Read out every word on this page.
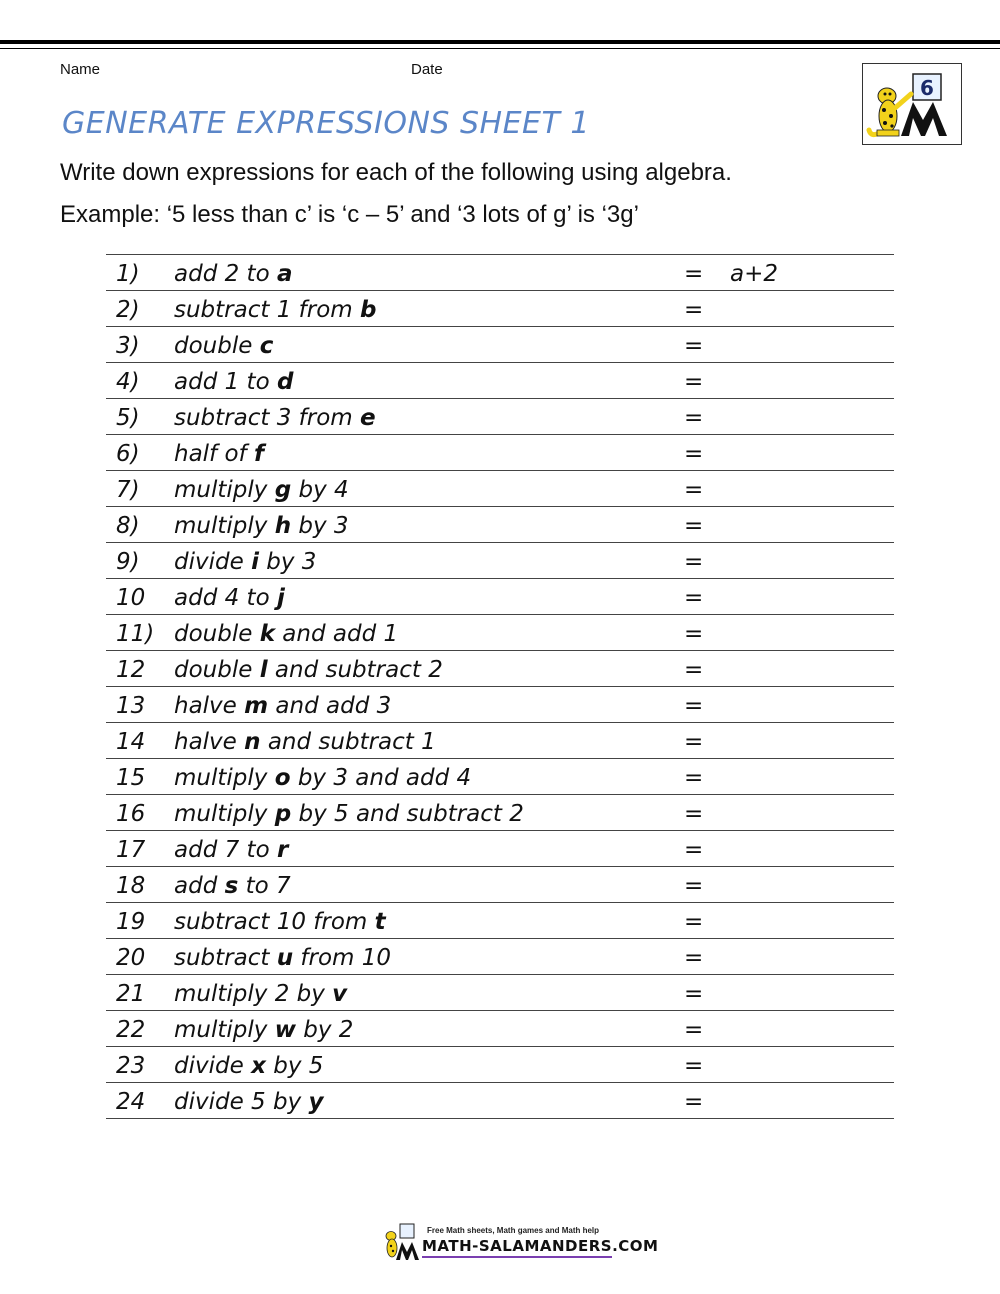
Name	Date
6
GENERATE EXPRESSIONS SHEET 1
Write down expressions for each of the following using algebra.
Example: ‘5 less than c’ is ‘c – 5’ and ‘3 lots of g’ is ‘3g’
1) add 2 to a	= a+2
2) subtract 1 from b	=
3) double c	=
4) add 1 to d	=
5) subtract 3 from e	=
6) half of f	=
7) multiply g by 4	=
8) multiply h by 3	=
9) divide i by 3	=
10 add 4 to j	=
11) double k and add 1	=
12 double l and subtract 2	=
13 halve m and add 3	=
14 halve n and subtract 1	=
15 multiply o by 3 and add 4	=
16 multiply p by 5 and subtract 2	=
17 add 7 to r	=
18 add s to 7	=
19 subtract 10 from t	=
20 subtract u from 10	=
21 multiply 2 by v	=
22 multiply w by 2	=
23 divide x by 5	=
24 divide 5 by y	=
Free Math sheets, Math games and Math help
MATH-SALAMANDERS.COM
